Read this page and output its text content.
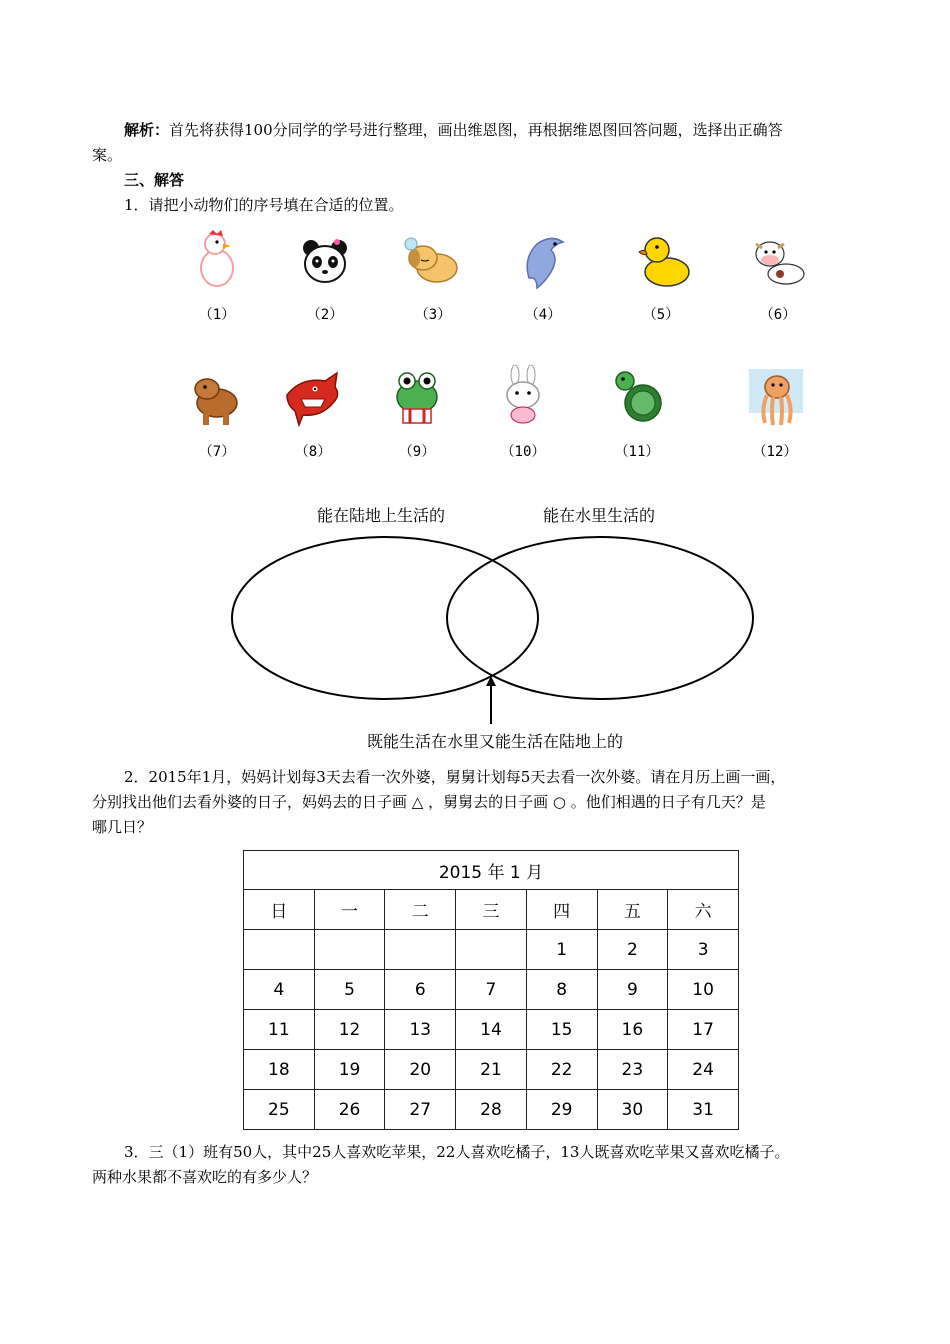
解析：首先将获得100分同学的学号进行整理，画出维恩图，再根据维恩图回答问题，选择出正确答
案。
三、解答
1．请把小动物们的序号填在合适的位置。
（1）	（2）	（3）	（4）	（5）	（6）
（7）	（8）	（9）	（10）	（11）	（12）
能在陆地上生活的	能在水里生活的
既能生活在水里又能生活在陆地上的
2．2015年1月，妈妈计划每3天去看一次外婆，舅舅计划每5天去看一次外婆。请在月历上画一画，
分别找出他们去看外婆的日子，妈妈去的日子画 △ ，舅舅去的日子画 ○ 。他们相遇的日子有几天？是
哪几日？
2015 年 1 月						
日	一	二	三	四	五	六
				1	2	3
4	5	6	7	8	9	10
11	12	13	14	15	16	17
18	19	20	21	22	23	24
25	26	27	28	29	30	31
3．三（1）班有50人，其中25人喜欢吃苹果，22人喜欢吃橘子，13人既喜欢吃苹果又喜欢吃橘子。
两种水果都不喜欢吃的有多少人？
